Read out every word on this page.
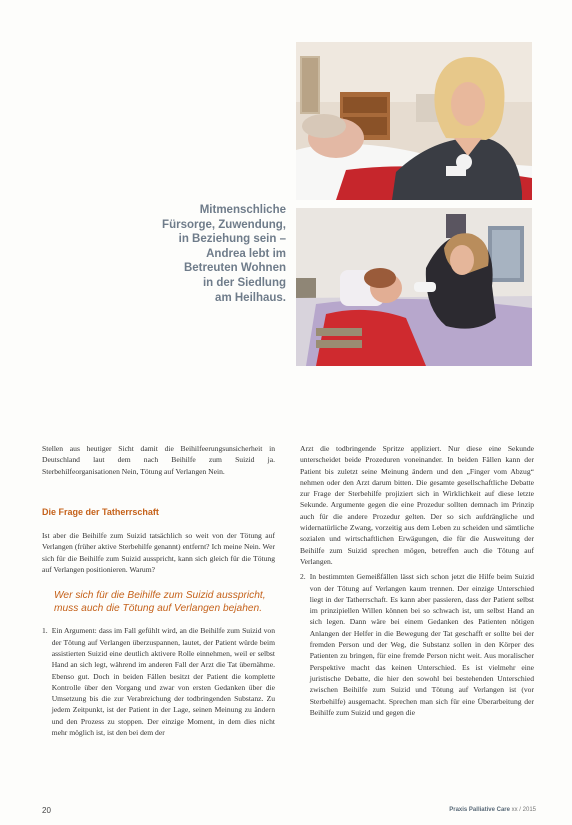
Mitmenschliche
Fürsorge, Zuwendung,
in Beziehung sein –
Andrea lebt im
Betreuten Wohnen
in der Siedlung
am Heilhaus.

Stellen aus heutiger Sicht damit die Beihilfeerungsunsicherheit in Deutschland laut dem nach Beihilfe zum Suizid ja. Sterbehilfeorganisationen Nein, Tötung auf Verlangen Nein.

Die Frage der Tatherrschaft

Ist aber die Beihilfe zum Suizid tatsächlich so weit von der Tötung auf Verlangen (früher aktive Sterbehilfe genannt) entfernt? Ich meine Nein. Wer sich für die Beihilfe zum Suizid ausspricht, kann sich gleich für die Tötung auf Verlangen positionieren. Warum?

Wer sich für die Beihilfe zum Suizid ausspricht, muss auch die Tötung auf Verlangen bejahen.
1. Ein Argument: dass im Fall gefühlt wird, an die Beihilfe zum Suizid von der Tötung auf Verlangen überzuspannen, lautet, der Patient würde beim assistierten Suizid eine deutlich aktivere Rolle einnehmen, weil er selbst Hand an sich legt, während im anderen Fall der Arzt die Tat übernähme. Ebenso gut. Doch in beiden Fällen besitzt der Patient die komplette Kontrolle über den Vorgang und zwar von ersten Gedanken über die Umsetzung bis die zur Verabreichung der todbringenden Substanz. Zu jedem Zeitpunkt, ist der Patient in der Lage, seinen Meinung zu ändern und den Prozess zu stoppen. Der einzige Moment, in dem dies nicht mehr möglich ist, ist den bei dem der

Arzt die todbringende Spritze appliziert. Nur diese eine Sekunde unterscheidet beide Prozeduren voneinander. In beiden Fällen kann der Patient bis zuletzt seine Meinung ändern und den „Finger vom Abzug“ nehmen oder den Arzt darum bitten. Die gesamte gesellschaftliche Debatte zur Frage der Sterbehilfe projiziert sich in Wirklichkeit auf diese letzte Sekunde. Argumente gegen die eine Prozedur sollten demnach im Prinzip auch für die andere Prozedur gelten. Der so sich aufdrängliche und widernatürliche Zwang, vorzeitig aus dem Leben zu scheiden und sämtliche sozialen und wirtschaftlichen Erwägungen, die für die Ausweitung der Beihilfe zum Suizid sprechen mögen, betreffen auch die Tötung auf Verlangen.

2. In bestimmten Gemeißfällen lässt sich schon jetzt die Hilfe beim Suizid von der Tötung auf Verlangen kaum trennen. Der einzige Unterschied liegt in der Tatherrschaft. Es kann aber passieren, dass der Patient selbst im prinzipiellen Willen können bei so schwach ist, um selbst Hand an sich legen. Dann wäre bei einem Gedanken des Patienten nötigen Anlangen der Helfer in die Bewegung der Tat geschafft er sollte bei der fremden Person und der Weg, die Substanz sollen in den Körper des Patienten zu bringen, für eine fremde Person nicht weit. Aus moralischer Perspektive macht das keinen Unterschied. Es ist vielmehr eine juristische Debatte, die hier den sowohl bei bestehenden Unterschied zwischen Beihilfe zum Suizid und Tötung auf Verlangen ist (vor Sterbehilfe) ausgemacht. Sprechen man sich für eine Überarbeitung der Beihilfe zum Suizid und gegen die

20	Praxis Palliative Care xx / 2015
